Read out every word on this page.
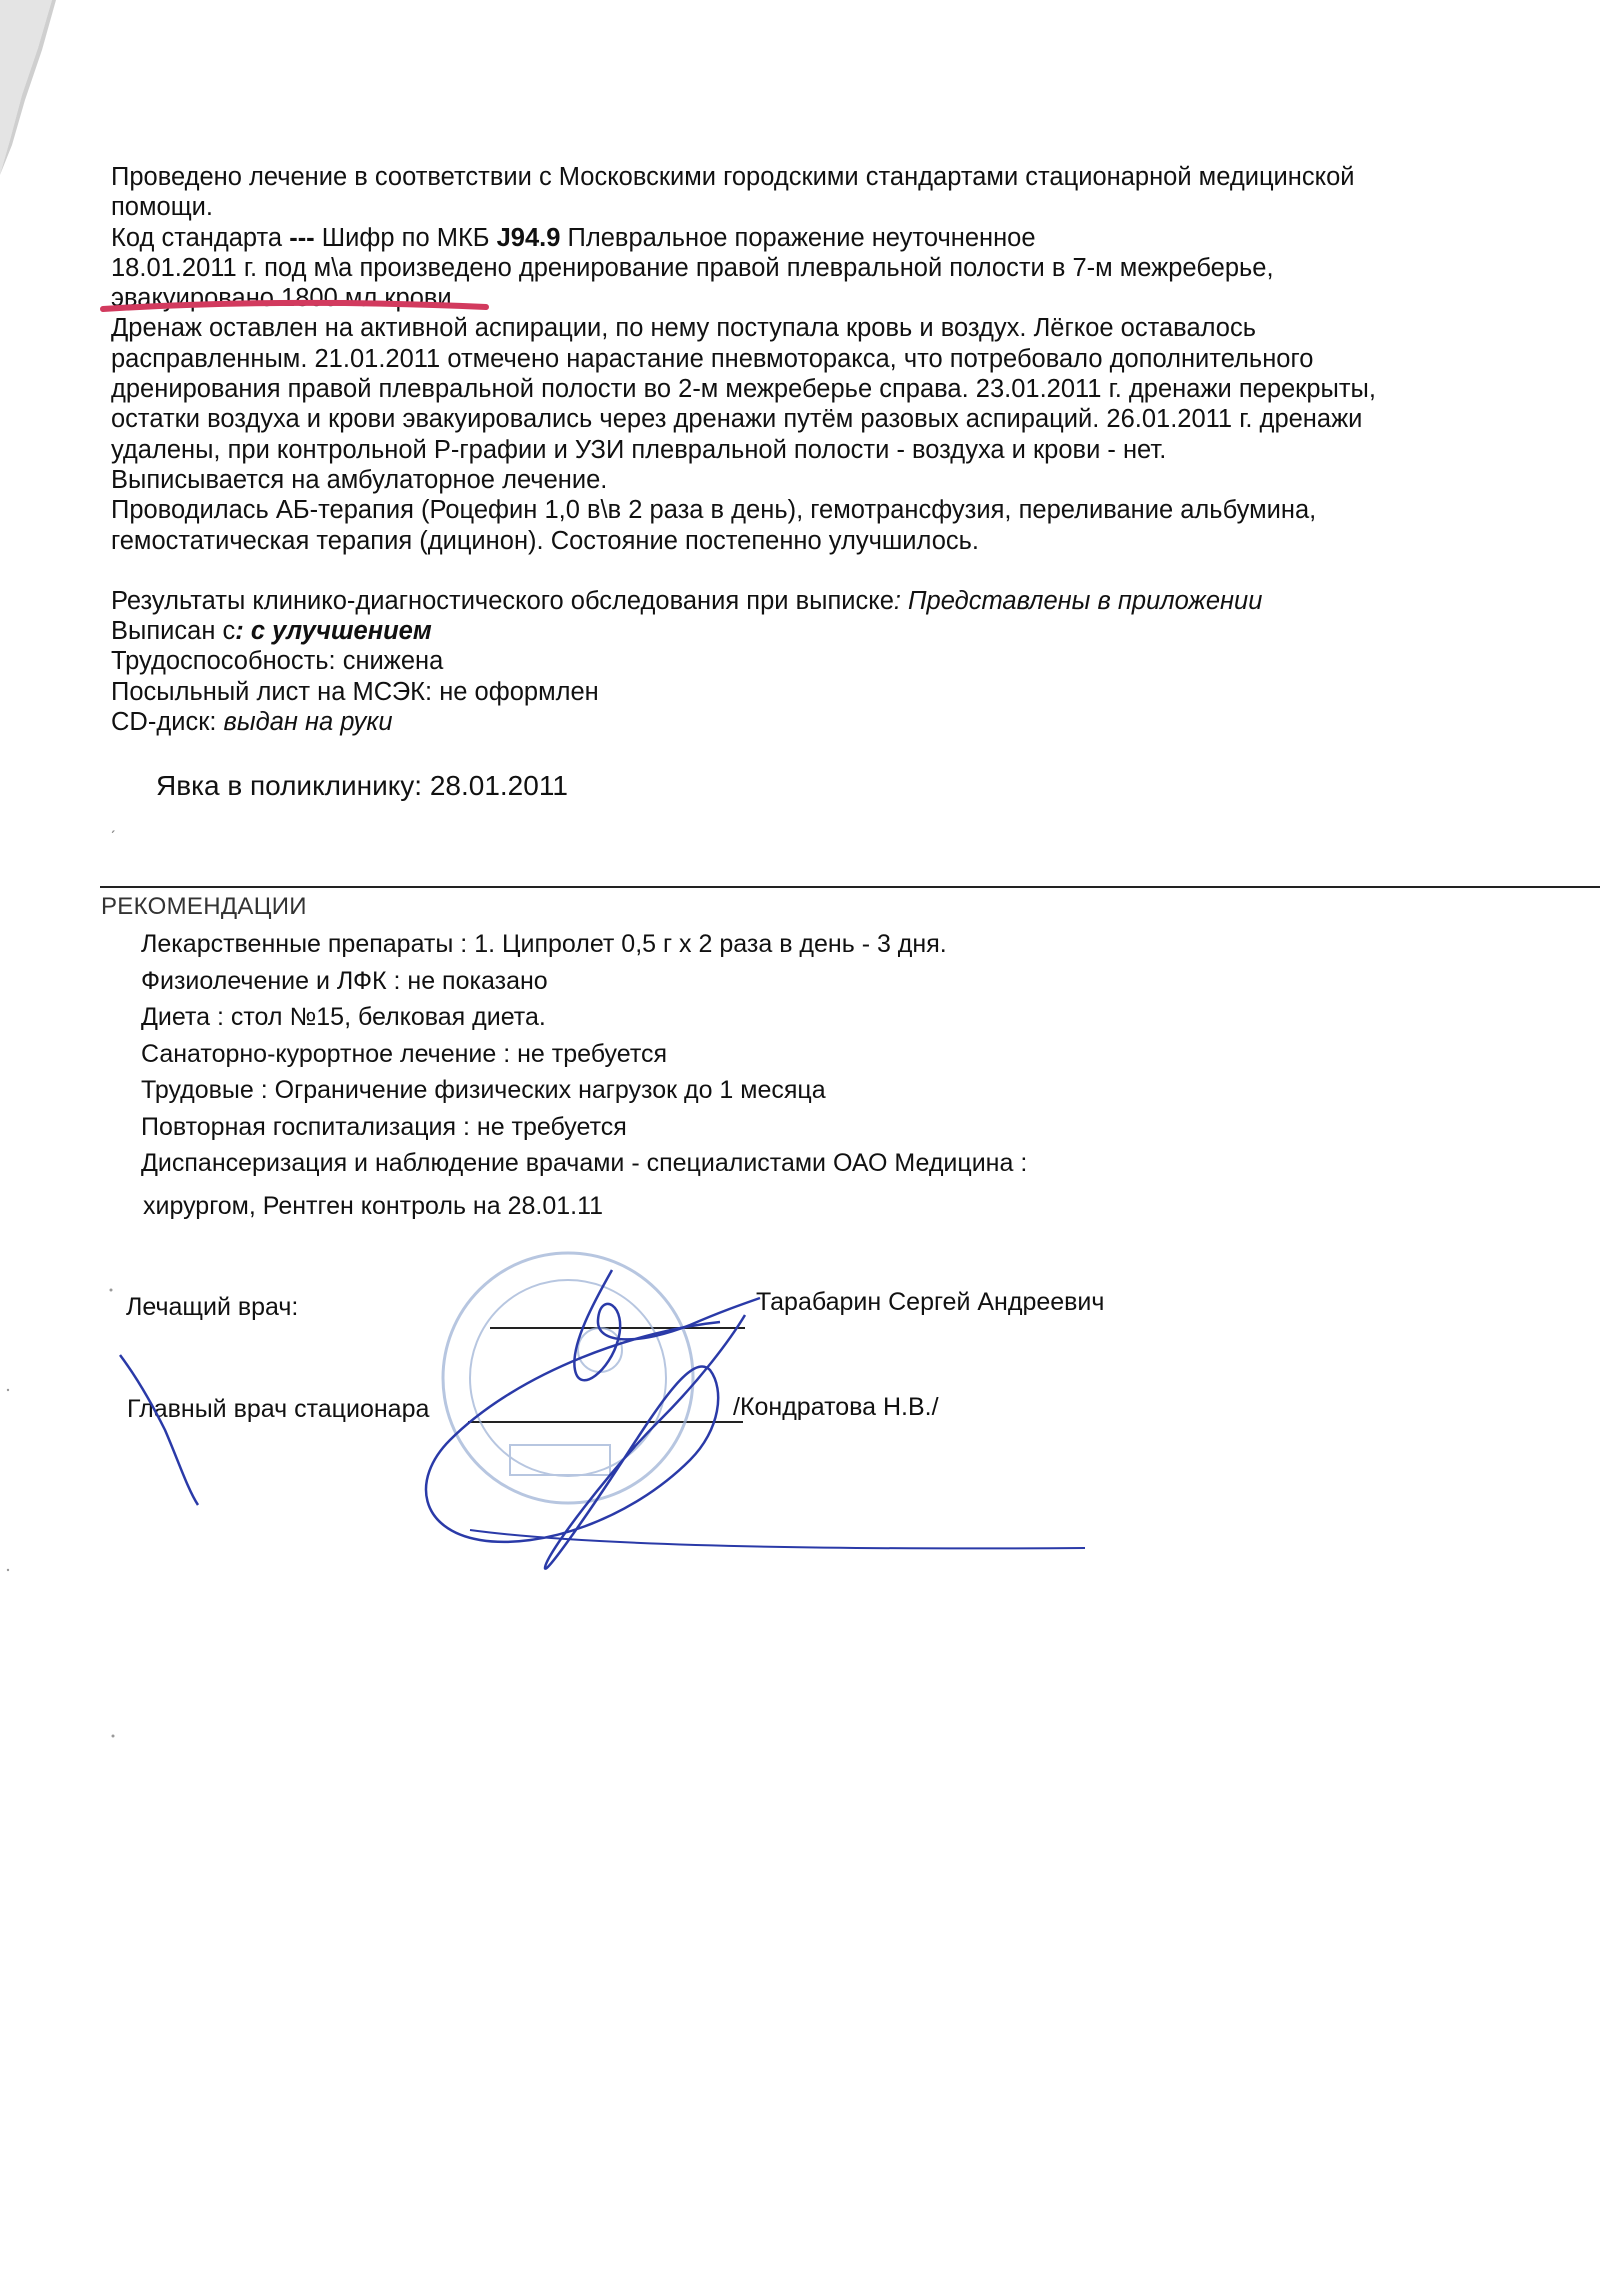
Проведено лечение в соответствии с Московскими городскими стандартами стационарной медицинской

помощи.

Код стандарта --- Шифр по МКБ J94.9 Плевральное поражение неуточненное

18.01.2011 г. под м\а произведено дренирование правой плевральной полости в 7-м межреберье,

эвакуировано 1800 мл крови.

Дренаж оставлен на активной аспирации, по нему поступала кровь и воздух. Лёгкое оставалось

расправленным. 21.01.2011 отмечено нарастание пневмоторакса, что потребовало дополнительного

дренирования правой плевральной полости во 2-м межреберье справа. 23.01.2011 г. дренажи перекрыты,

остатки воздуха и крови эвакуировались через дренажи путём разовых аспираций. 26.01.2011 г. дренажи

удалены, при контрольной Р-графии и УЗИ плевральной полости - воздуха и крови - нет.

Выписывается на амбулаторное лечение.

Проводилась АБ-терапия (Роцефин 1,0 в\в 2 раза в день), гемотрансфузия, переливание альбумина,

гемостатическая терапия (дицинон). Состояние постепенно улучшилось.

Результаты клинико-диагностического обследования при выписке: Представлены в приложении

Выписан с: с улучшением

Трудоспособность: снижена

Посыльный лист на МСЭК: не оформлен

CD-диск: выдан на руки

Явка в поликлинику: 28.01.2011

ˊ

РЕКОМЕНДАЦИИ

Лекарственные препараты : 1. Ципролет 0,5 г х 2 раза в день - 3 дня.
Физиолечение и ЛФК : не показано
Диета : стол №15, белковая диета.
Санаторно-курортное лечение : не требуется
Трудовые : Ограничение физических нагрузок до 1 месяца
Повторная госпитализация : не требуется
Диспансеризация и наблюдение врачами - специалистами ОАО Медицина :

хирургом, Рентген контроль на 28.01.11

Лечащий врач:	Тарабарин Сергей Андреевич

Главный врач стационара	/Кондратова Н.В./
